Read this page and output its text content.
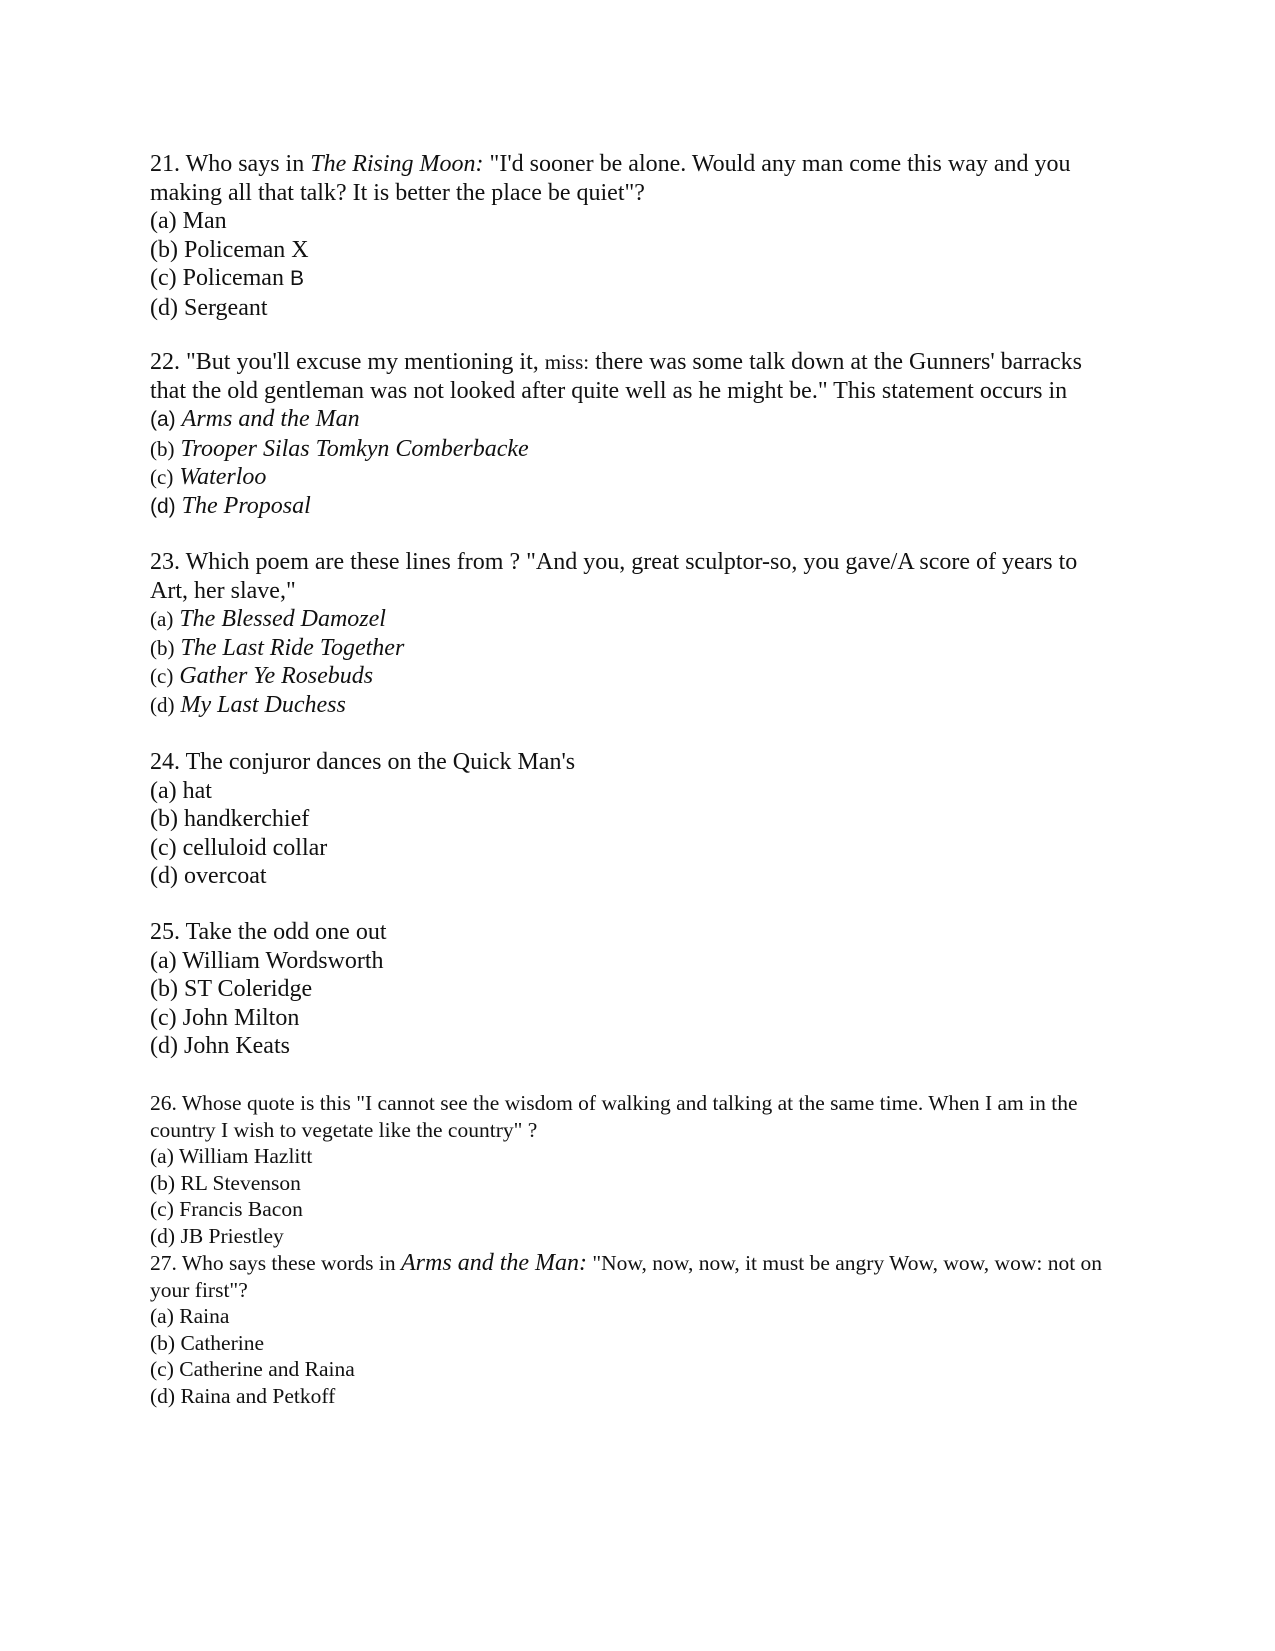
21. Who says in The Rising Moon: "I'd sooner be alone. Would any man come this way and you making all that talk? It is better the place be quiet"?

(a) Man

(b) Policeman X

(c) Policeman B

(d) Sergeant

22. "But you'll excuse my mentioning it, miss: there was some talk down at the Gunners' barracks that the old gentleman was not looked after quite well as he might be." This statement occurs in

(a) Arms and the Man

(b) Trooper Silas Tomkyn Comberbacke

(c) Waterloo

(d) The Proposal

23. Which poem are these lines from ? "And you, great sculptor-so, you gave/A score of years to Art, her slave,"

(a) The Blessed Damozel

(b) The Last Ride Together

(c) Gather Ye Rosebuds

(d) My Last Duchess

24. The conjuror dances on the Quick Man's

(a) hat

(b) handkerchief

(c) celluloid collar

(d) overcoat

25. Take the odd one out

(a) William Wordsworth

(b) ST Coleridge

(c) John Milton

(d) John Keats

26. Whose quote is this "I cannot see the wisdom of walking and talking at the same time. When I am in the country I wish to vegetate like the country" ?

(a) William Hazlitt

(b) RL Stevenson

(c) Francis Bacon

(d) JB Priestley

27. Who says these words in Arms and the Man: "Now, now, now, it must be angry Wow, wow, wow: not on your first"?

(a) Raina

(b) Catherine

(c) Catherine and Raina

(d) Raina and Petkoff
